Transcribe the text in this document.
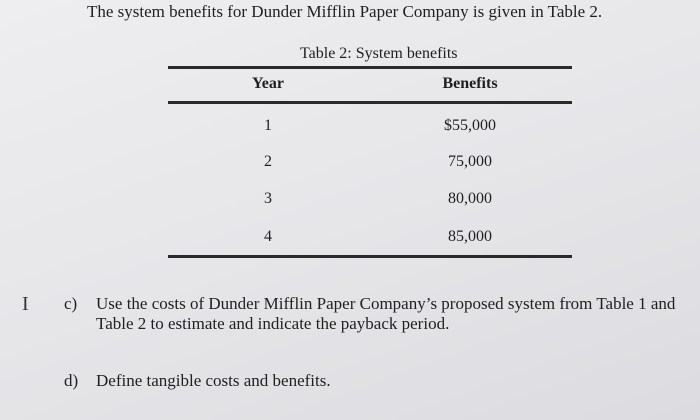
The system benefits for Dunder Mifflin Paper Company is given in Table 2.
Table 2: System benefits
Year	Benefits
1	$55,000
2	75,000
3	80,000
4	85,000
I c) Use the costs of Dunder Mifflin Paper Company’s proposed system from Table 1 and Table 2 to estimate and indicate the payback period.
d) Define tangible costs and benefits.
